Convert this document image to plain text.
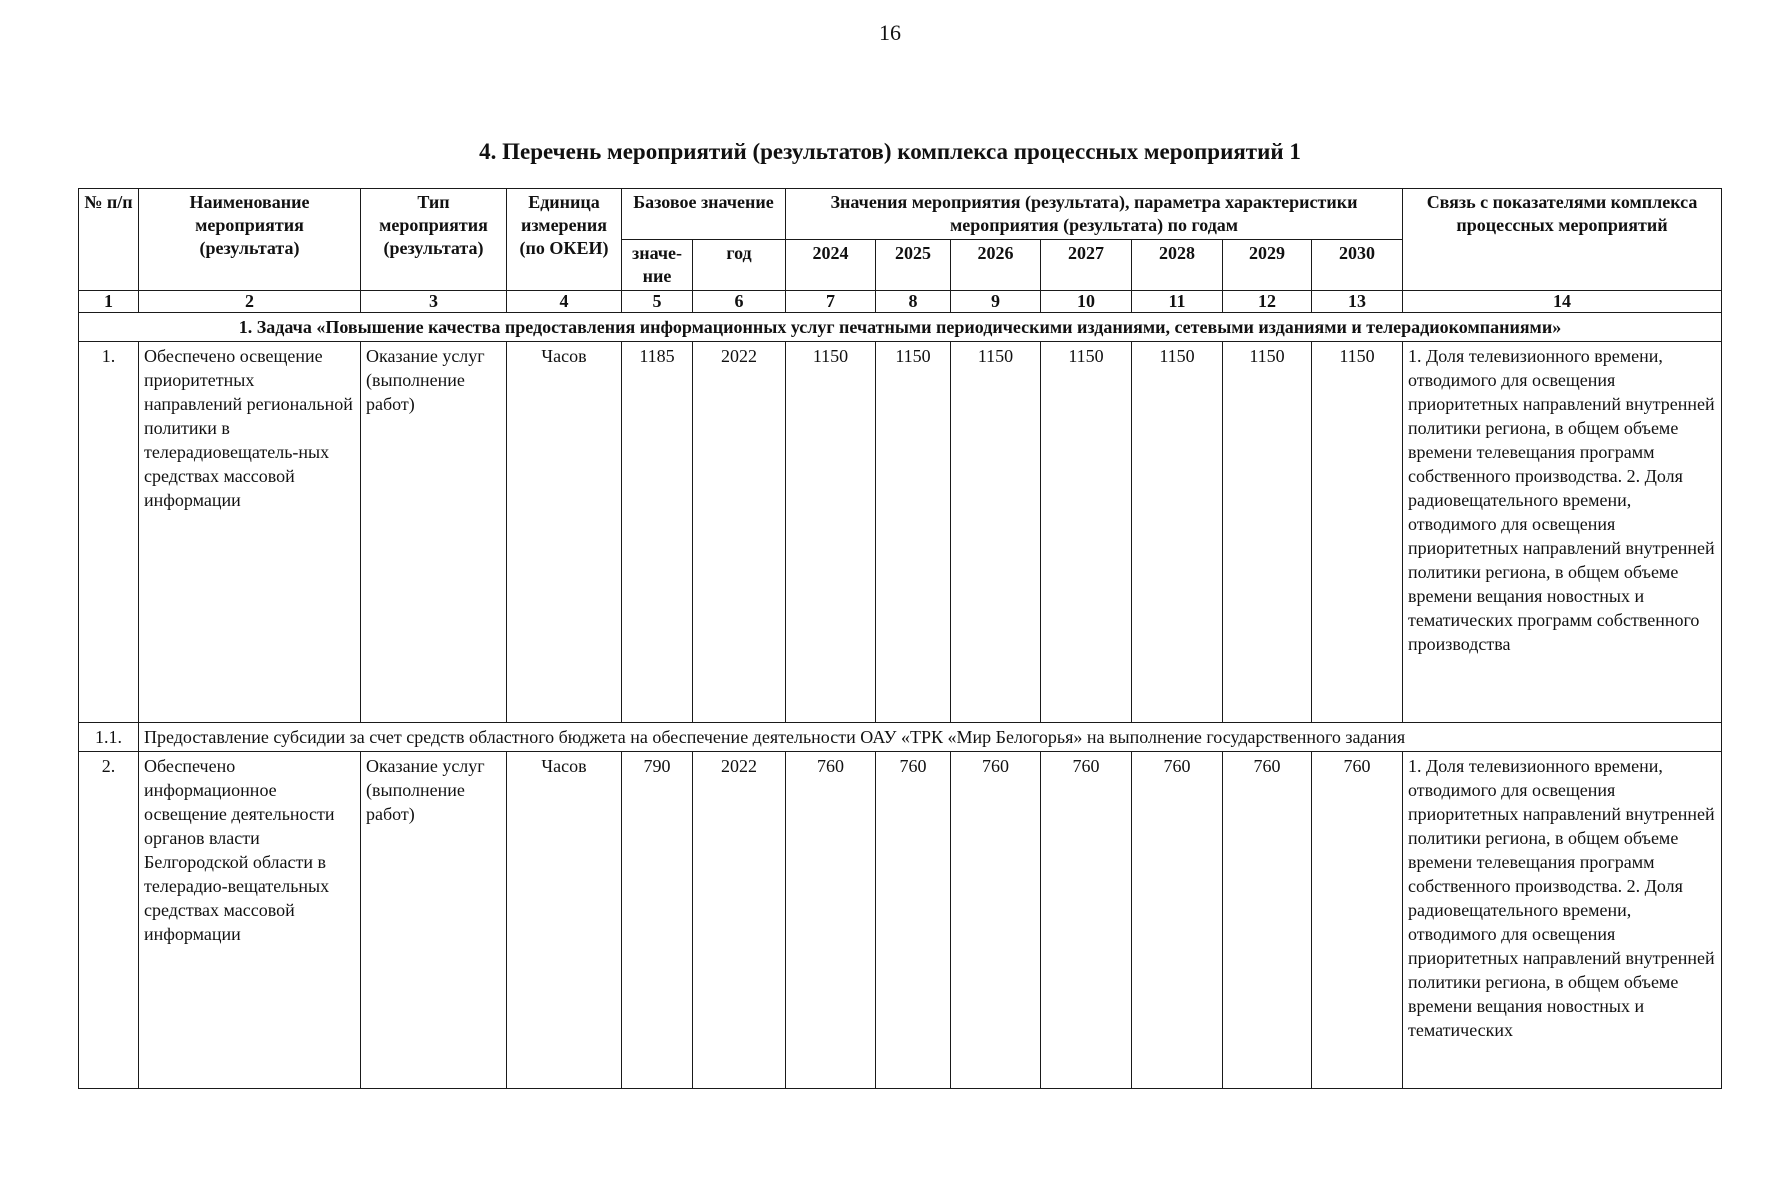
16
4. Перечень мероприятий (результатов) комплекса процессных мероприятий 1
№ п/п	Наименование мероприятия (результата)	Тип мероприятия (результата)	Единица измерения (по ОКЕИ)	Базовое значение		Значения мероприятия (результата), параметра характеристики мероприятия (результата) по годам							Связь с показателями комплекса процессных мероприятий
				значе-ние	год	2024	2025	2026	2027	2028	2029	2030	
1	2	3	4	5	6	7	8	9	10	11	12	13	14
1. Задача «Повышение качества предоставления информационных услуг печатными периодическими изданиями, сетевыми изданиями и телерадиокомпаниями»													
1.	Обеспечено освещение приоритетных направлений региональной политики в телерадиовещатель-ных средствах массовой информации	Оказание услуг (выполнение работ)	Часов	1185	2022	1150	1150	1150	1150	1150	1150	1150	1. Доля телевизионного времени, отводимого для освещения приоритетных направлений внутренней политики региона, в общем объеме времени телевещания программ собственного производства. 2. Доля радиовещательного времени, отводимого для освещения приоритетных направлений внутренней политики региона, в общем объеме времени вещания новостных и тематических программ собственного производства
1.1.	Предоставление субсидии за счет средств областного бюджета на обеспечение деятельности ОАУ «ТРК «Мир Белогорья» на выполнение государственного задания												
2.	Обеспечено информационное освещение деятельности органов власти Белгородской области в телерадио-вещательных средствах массовой информации	Оказание услуг (выполнение работ)	Часов	790	2022	760	760	760	760	760	760	760	1. Доля телевизионного времени, отводимого для освещения приоритетных направлений внутренней политики региона, в общем объеме времени телевещания программ собственного производства. 2. Доля радиовещательного времени, отводимого для освещения приоритетных направлений внутренней политики региона, в общем объеме времени вещания новостных и тематических
